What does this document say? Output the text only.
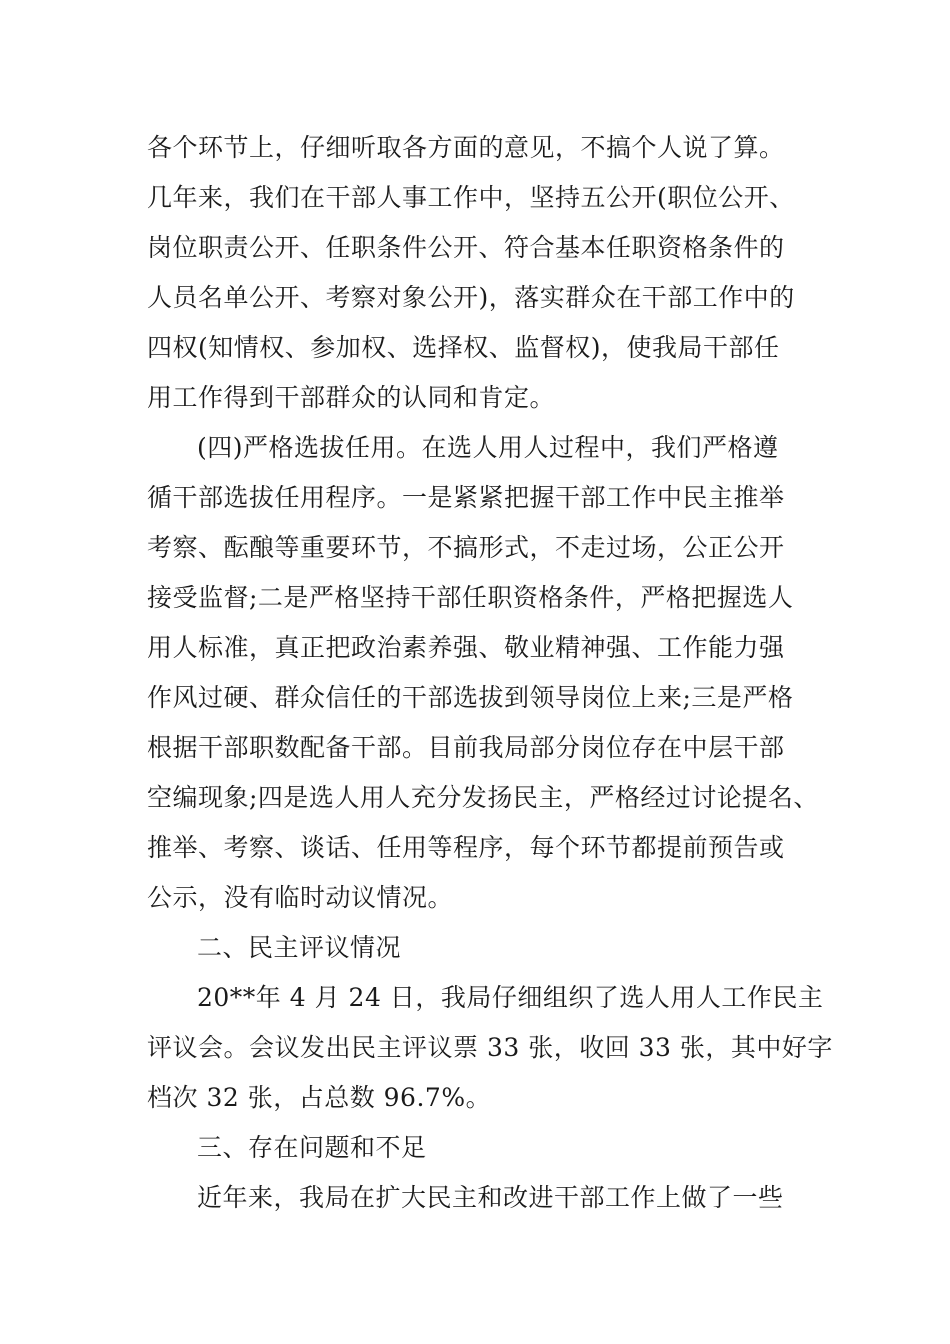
各个环节上，仔细听取各方面的意见，不搞个人说了算。
几年来，我们在干部人事工作中，坚持五公开(职位公开、
岗位职责公开、任职条件公开、符合基本任职资格条件的
人员名单公开、考察对象公开)，落实群众在干部工作中的
四权(知情权、参加权、选择权、监督权)，使我局干部任
用工作得到干部群众的认同和肯定。
(四)严格选拔任用。在选人用人过程中，我们严格遵
循干部选拔任用程序。一是紧紧把握干部工作中民主推举
考察、酝酿等重要环节，不搞形式，不走过场，公正公开
接受监督;二是严格坚持干部任职资格条件，严格把握选人
用人标准，真正把政治素养强、敬业精神强、工作能力强
作风过硬、群众信任的干部选拔到领导岗位上来;三是严格
根据干部职数配备干部。目前我局部分岗位存在中层干部
空编现象;四是选人用人充分发扬民主，严格经过讨论提名、
推举、考察、谈话、任用等程序，每个环节都提前预告或
公示，没有临时动议情况。
二、民主评议情况
20**年 4 月 24 日，我局仔细组织了选人用人工作民主
评议会。会议发出民主评议票 33 张，收回 33 张，其中好字
档次 32 张，占总数 96.7%。
三、存在问题和不足
近年来，我局在扩大民主和改进干部工作上做了一些
